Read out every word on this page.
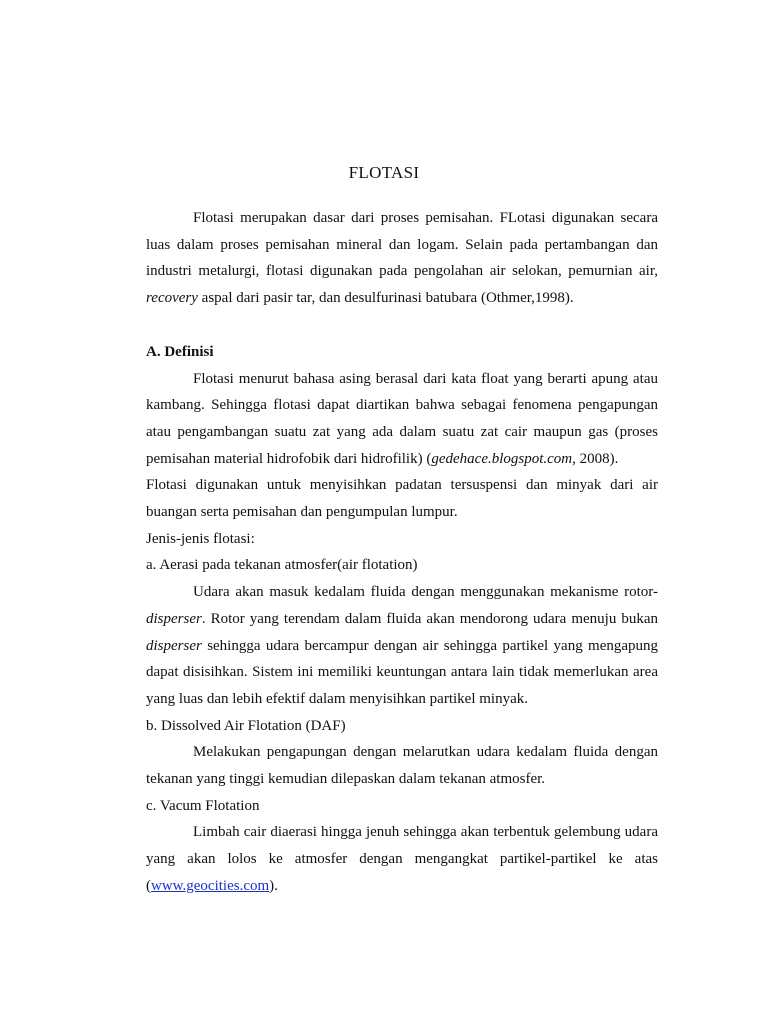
FLOTASI

Flotasi merupakan dasar dari proses pemisahan. FLotasi digunakan secara luas dalam proses pemisahan mineral dan logam. Selain pada pertambangan dan industri metalurgi, flotasi digunakan pada pengolahan air selokan, pemurnian air, recovery aspal dari pasir tar, dan desulfurinasi batubara (Othmer,1998).

A. Definisi

Flotasi menurut bahasa asing berasal dari kata float yang berarti apung atau kambang. Sehingga flotasi dapat diartikan bahwa sebagai fenomena pengapungan atau pengambangan suatu zat yang ada dalam suatu zat cair maupun gas (proses pemisahan material hidrofobik dari hidrofilik) (gedehace.blogspot.com, 2008).

Flotasi digunakan untuk menyisihkan padatan tersuspensi dan minyak dari air buangan serta pemisahan dan pengumpulan lumpur.

Jenis-jenis flotasi:

a. Aerasi pada tekanan atmosfer(air flotation)

Udara akan masuk kedalam fluida dengan menggunakan mekanisme rotor-disperser. Rotor yang terendam dalam fluida akan mendorong udara menuju bukan disperser sehingga udara bercampur dengan air sehingga partikel yang mengapung dapat disisihkan. Sistem ini memiliki keuntungan antara lain tidak memerlukan area yang luas dan lebih efektif dalam menyisihkan partikel minyak.

b. Dissolved Air Flotation (DAF)

Melakukan pengapungan dengan melarutkan udara kedalam fluida dengan tekanan yang tinggi kemudian dilepaskan dalam tekanan atmosfer.

c. Vacum Flotation

Limbah cair diaerasi hingga jenuh sehingga akan terbentuk gelembung udara yang akan lolos ke atmosfer dengan mengangkat partikel-partikel ke atas (www.geocities.com).
